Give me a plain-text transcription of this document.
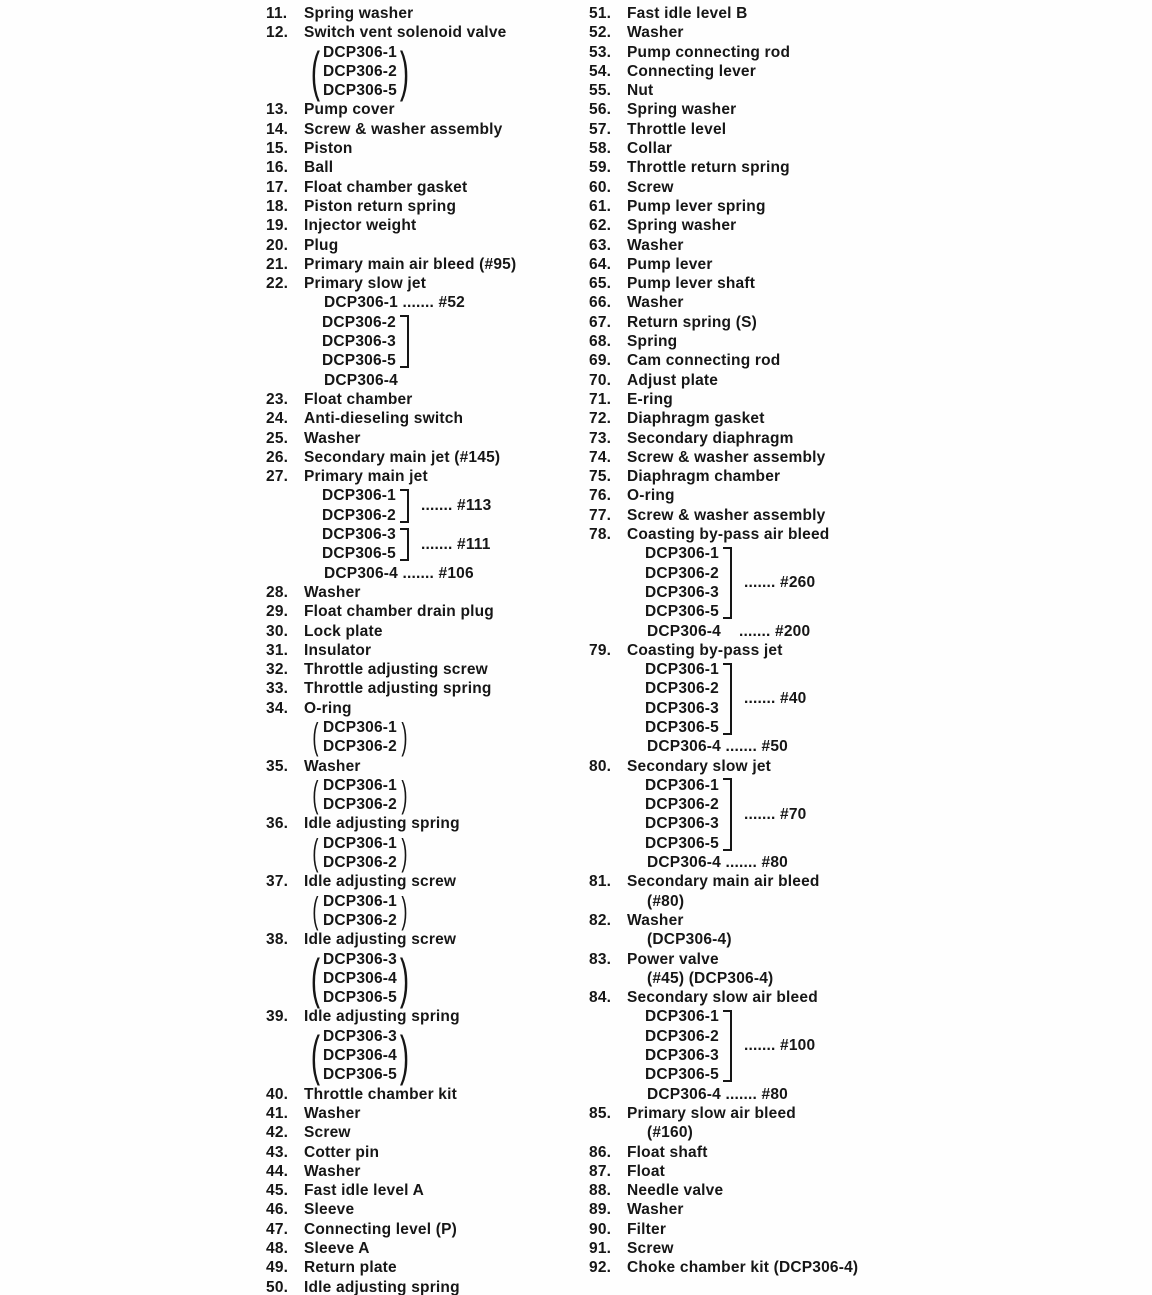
11.	Spring washer
12.	Switch vent solenoid valve
( DCP306-1
DCP306-2
DCP306-5 )
13.	Pump cover
14.	Screw & washer assembly
15.	Piston
16.	Ball
17.	Float chamber gasket
18.	Piston return spring
19.	Injector weight
20.	Plug
21.	Primary main air bleed (#95)
22.	Primary slow jet
DCP306-1 ....... #52
DCP306-2
DCP306-3
DCP306-5
DCP306-4
23.	Float chamber
24.	Anti-dieseling switch
25.	Washer
26.	Secondary main jet (#145)
27.	Primary main jet
DCP306-1
DCP306-2
....... #113
DCP306-3
DCP306-5
....... #111
DCP306-4 ....... #106
28.	Washer
29.	Float chamber drain plug
30.	Lock plate
31.	Insulator
32.	Throttle adjusting screw
33.	Throttle adjusting spring
34.	O-ring
( DCP306-1
DCP306-2 )
35.	Washer
( DCP306-1
DCP306-2 )
36.	Idle adjusting spring
( DCP306-1
DCP306-2 )
37.	Idle adjusting screw
( DCP306-1
DCP306-2 )
38.	Idle adjusting screw
( DCP306-3
DCP306-4
DCP306-5 )
39.	Idle adjusting spring
( DCP306-3
DCP306-4
DCP306-5 )
40.	Throttle chamber kit
41.	Washer
42.	Screw
43.	Cotter pin
44.	Washer
45.	Fast idle level A
46.	Sleeve
47.	Connecting level (P)
48.	Sleeve A
49.	Return plate
50.	Idle adjusting spring
51.	Fast idle level B
52.	Washer
53.	Pump connecting rod
54.	Connecting lever
55.	Nut
56.	Spring washer
57.	Throttle level
58.	Collar
59.	Throttle return spring
60.	Screw
61.	Pump lever spring
62.	Spring washer
63.	Washer
64.	Pump lever
65.	Pump lever shaft
66.	Washer
67.	Return spring (S)
68.	Spring
69.	Cam connecting rod
70.	Adjust plate
71.	E-ring
72.	Diaphragm gasket
73.	Secondary diaphragm
74.	Screw & washer assembly
75.	Diaphragm chamber
76.	O-ring
77.	Screw & washer assembly
78.	Coasting by-pass air bleed
DCP306-1
DCP306-2
DCP306-3
DCP306-5
....... #260
DCP306-4    ....... #200
79.	Coasting by-pass jet
DCP306-1
DCP306-2
DCP306-3
DCP306-5
....... #40
DCP306-4 ....... #50
80.	Secondary slow jet
DCP306-1
DCP306-2
DCP306-3
DCP306-5
....... #70
DCP306-4 ....... #80
81.	Secondary main air bleed
(#80)
82.	Washer
(DCP306-4)
83.	Power valve
(#45) (DCP306-4)
84.	Secondary slow air bleed
DCP306-1
DCP306-2
DCP306-3
DCP306-5
....... #100
DCP306-4 ....... #80
85.	Primary slow air bleed
(#160)
86.	Float shaft
87.	Float
88.	Needle valve
89.	Washer
90.	Filter
91.	Screw
92.	Choke chamber kit (DCP306-4)
